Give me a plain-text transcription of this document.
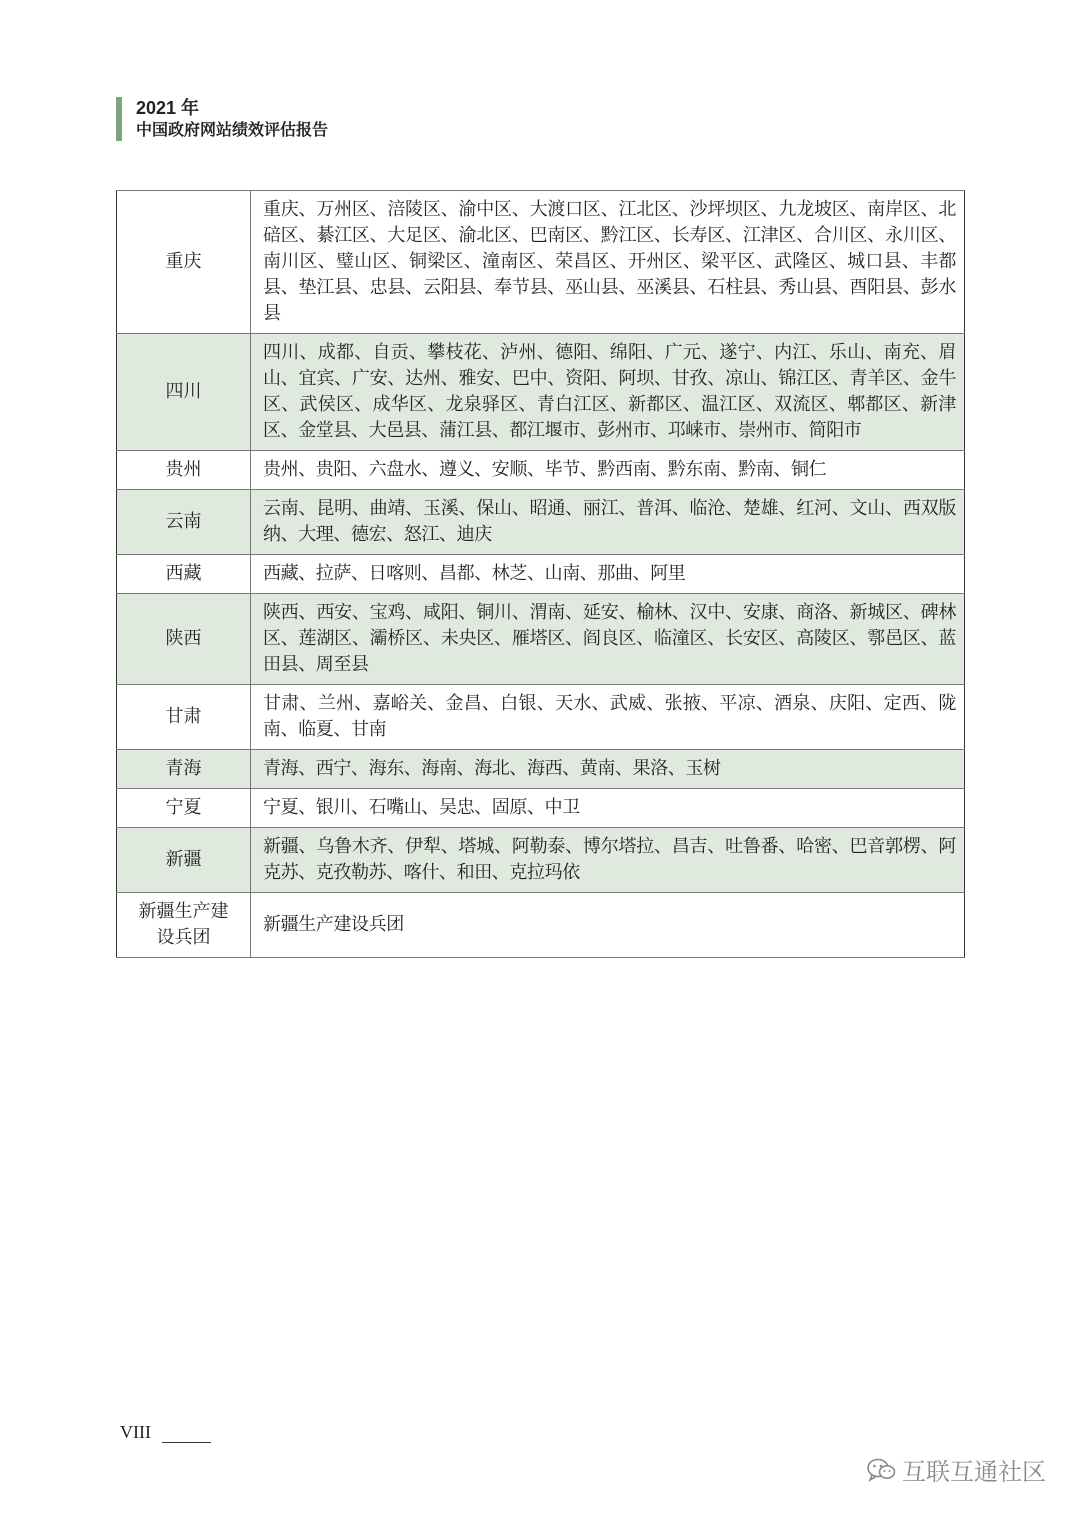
2021 年
中国政府网站绩效评估报告
重庆	重庆、万州区、涪陵区、渝中区、大渡口区、江北区、沙坪坝区、九龙坡区、南岸区、北碚区、綦江区、大足区、渝北区、巴南区、黔江区、长寿区、江津区、合川区、永川区、南川区、璧山区、铜梁区、潼南区、荣昌区、开州区、梁平区、武隆区、城口县、丰都县、垫江县、忠县、云阳县、奉节县、巫山县、巫溪县、石柱县、秀山县、酉阳县、彭水县
四川	四川、成都、自贡、攀枝花、泸州、德阳、绵阳、广元、遂宁、内江、乐山、南充、眉山、宜宾、广安、达州、雅安、巴中、资阳、阿坝、甘孜、凉山、锦江区、青羊区、金牛区、武侯区、成华区、龙泉驿区、青白江区、新都区、温江区、双流区、郫都区、新津区、金堂县、大邑县、蒲江县、都江堰市、彭州市、邛崃市、崇州市、简阳市
贵州	贵州、贵阳、六盘水、遵义、安顺、毕节、黔西南、黔东南、黔南、铜仁
云南	云南、昆明、曲靖、玉溪、保山、昭通、丽江、普洱、临沧、楚雄、红河、文山、西双版纳、大理、德宏、怒江、迪庆
西藏	西藏、拉萨、日喀则、昌都、林芝、山南、那曲、阿里
陕西	陕西、西安、宝鸡、咸阳、铜川、渭南、延安、榆林、汉中、安康、商洛、新城区、碑林区、莲湖区、灞桥区、未央区、雁塔区、阎良区、临潼区、长安区、高陵区、鄠邑区、蓝田县、周至县
甘肃	甘肃、兰州、嘉峪关、金昌、白银、天水、武威、张掖、平凉、酒泉、庆阳、定西、陇南、临夏、甘南
青海	青海、西宁、海东、海南、海北、海西、黄南、果洛、玉树
宁夏	宁夏、银川、石嘴山、吴忠、固原、中卫
新疆	新疆、乌鲁木齐、伊犁、塔城、阿勒泰、博尔塔拉、昌吉、吐鲁番、哈密、巴音郭楞、阿克苏、克孜勒苏、喀什、和田、克拉玛依
新疆生产建设兵团	新疆生产建设兵团
VIII
互联互通社区
